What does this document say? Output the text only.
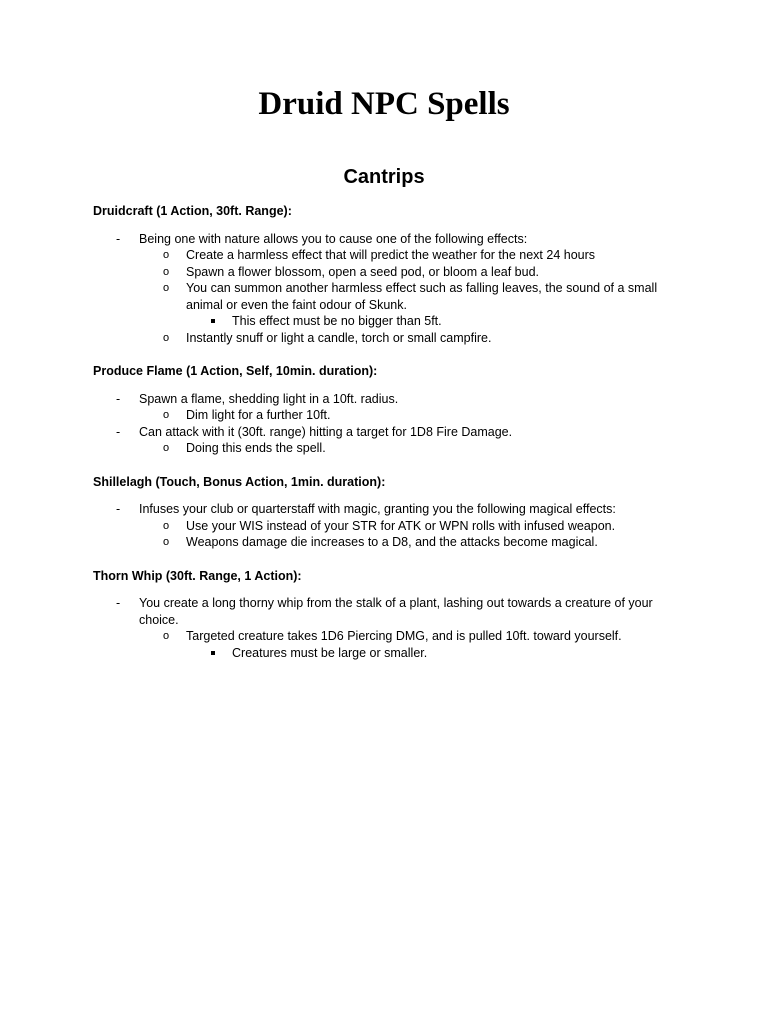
Druid NPC Spells
Cantrips

Druidcraft (1 Action, 30ft. Range):

- Being one with nature allows you to cause one of the following effects:
o Create a harmless effect that will predict the weather for the next 24 hours
o Spawn a flower blossom, open a seed pod, or bloom a leaf bud.
o You can summon another harmless effect such as falling leaves, the sound of a small animal or even the faint odour of Skunk.
This effect must be no bigger than 5ft.
o Instantly snuff or light a candle, torch or small campfire.

Produce Flame (1 Action, Self, 10min. duration):

- Spawn a flame, shedding light in a 10ft. radius.
o Dim light for a further 10ft.
- Can attack with it (30ft. range) hitting a target for 1D8 Fire Damage.
o Doing this ends the spell.

Shillelagh (Touch, Bonus Action, 1min. duration):

- Infuses your club or quarterstaff with magic, granting you the following magical effects:
o Use your WIS instead of your STR for ATK or WPN rolls with infused weapon.
o Weapons damage die increases to a D8, and the attacks become magical.

Thorn Whip (30ft. Range, 1 Action):

- You create a long thorny whip from the stalk of a plant, lashing out towards a creature of your choice.
o Targeted creature takes 1D6 Piercing DMG, and is pulled 10ft. toward yourself.
Creatures must be large or smaller.
